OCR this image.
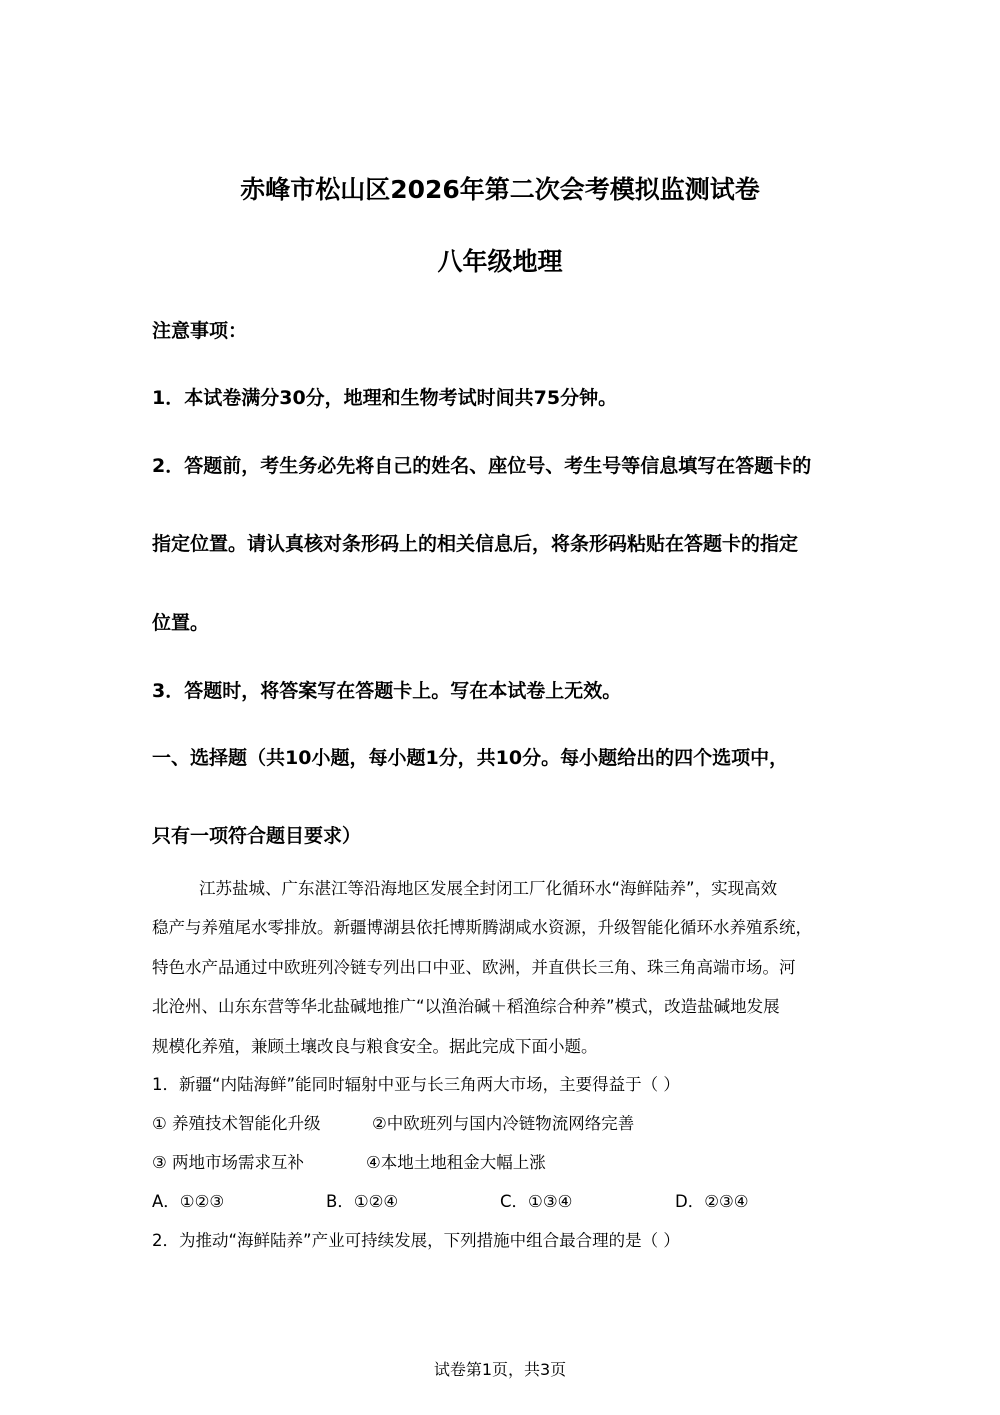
赤峰市松山区2026年第二次会考模拟监测试卷
八年级地理
注意事项：
1．本试卷满分30分，地理和生物考试时间共75分钟。
2．答题前，考生务必先将自己的姓名、座位号、考生号等信息填写在答题卡的
指定位置。请认真核对条形码上的相关信息后，将条形码粘贴在答题卡的指定
位置。
3．答题时，将答案写在答题卡上。写在本试卷上无效。
一、选择题（共10小题，每小题1分，共10分。每小题给出的四个选项中，
只有一项符合题目要求）
江苏盐城、广东湛江等沿海地区发展全封闭工厂化循环水“海鲜陆养”，实现高效
稳产与养殖尾水零排放。新疆博湖县依托博斯腾湖咸水资源，升级智能化循环水养殖系统，
特色水产品通过中欧班列冷链专列出口中亚、欧洲，并直供长三角、珠三角高端市场。河
北沧州、山东东营等华北盐碱地推广“以渔治碱＋稻渔综合种养”模式，改造盐碱地发展
规模化养殖，兼顾土壤改良与粮食安全。据此完成下面小题。
1．新疆“内陆海鲜”能同时辐射中亚与长三角两大市场，主要得益于（ ）
① 养殖技术智能化升级	②中欧班列与国内冷链物流网络完善
③ 两地市场需求互补	④本地土地租金大幅上涨
A．①②③	B．①②④	C．①③④	D．②③④
2．为推动“海鲜陆养”产业可持续发展，下列措施中组合最合理的是（ ）
试卷第1页，共3页
